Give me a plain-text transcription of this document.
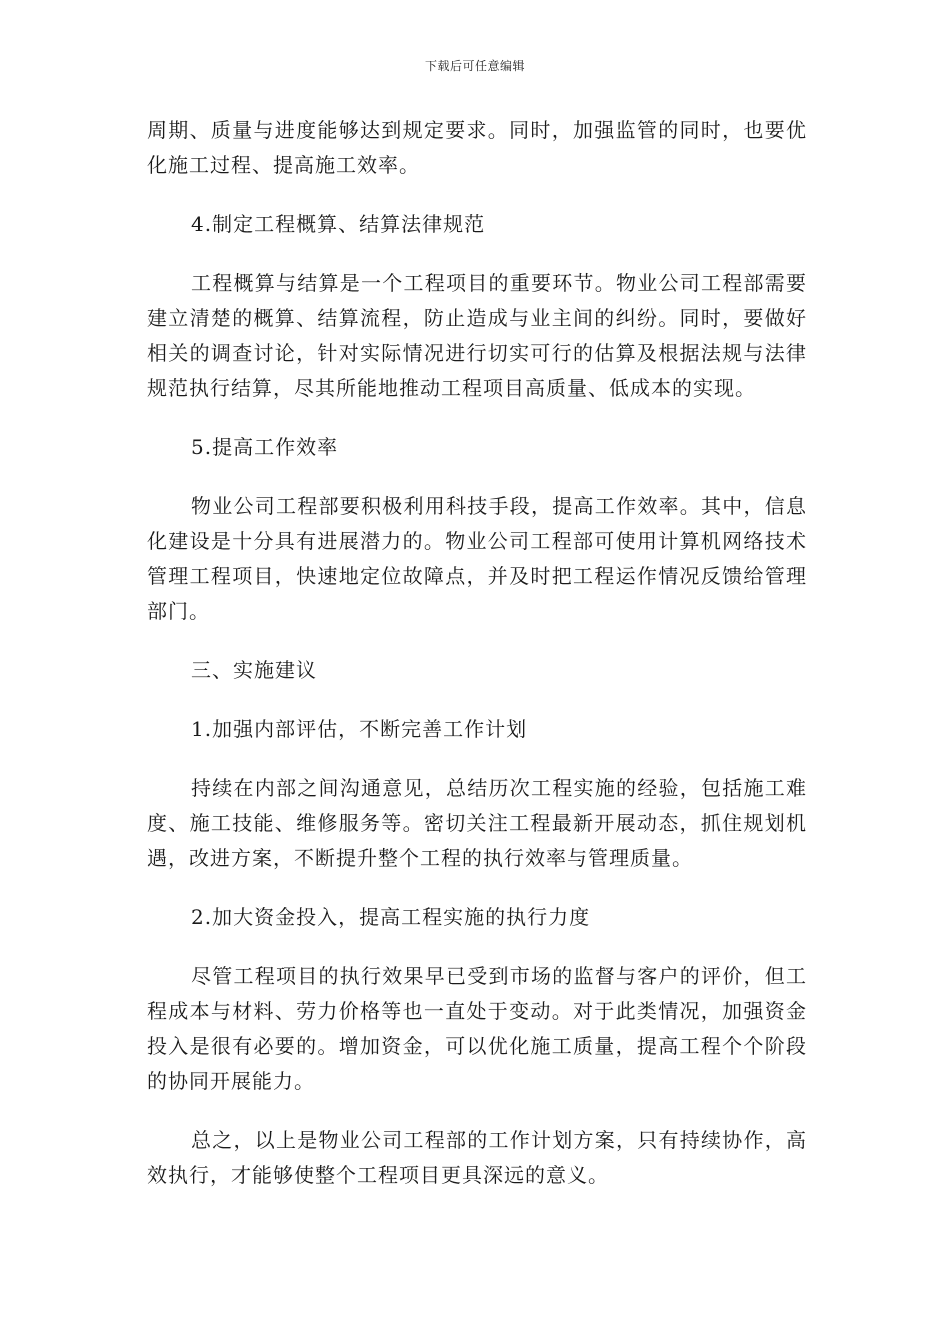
下载后可任意编辑

周期、质量与进度能够达到规定要求。同时，加强监管的同时，也要优化施工过程、提高施工效率。

4.制定工程概算、结算法律规范

工程概算与结算是一个工程项目的重要环节。物业公司工程部需要建立清楚的概算、结算流程，防止造成与业主间的纠纷。同时，要做好相关的调查讨论，针对实际情况进行切实可行的估算及根据法规与法律规范执行结算，尽其所能地推动工程项目高质量、低成本的实现。

5.提高工作效率

物业公司工程部要积极利用科技手段，提高工作效率。其中，信息化建设是十分具有进展潜力的。物业公司工程部可使用计算机网络技术管理工程项目，快速地定位故障点，并及时把工程运作情况反馈给管理部门。

三、实施建议

1.加强内部评估，不断完善工作计划

持续在内部之间沟通意见，总结历次工程实施的经验，包括施工难度、施工技能、维修服务等。密切关注工程最新开展动态，抓住规划机遇，改进方案，不断提升整个工程的执行效率与管理质量。

2.加大资金投入，提高工程实施的执行力度

尽管工程项目的执行效果早已受到市场的监督与客户的评价，但工程成本与材料、劳力价格等也一直处于变动。对于此类情况，加强资金投入是很有必要的。增加资金，可以优化施工质量，提高工程个个阶段的协同开展能力。

总之，以上是物业公司工程部的工作计划方案，只有持续协作，高效执行，才能够使整个工程项目更具深远的意义。
